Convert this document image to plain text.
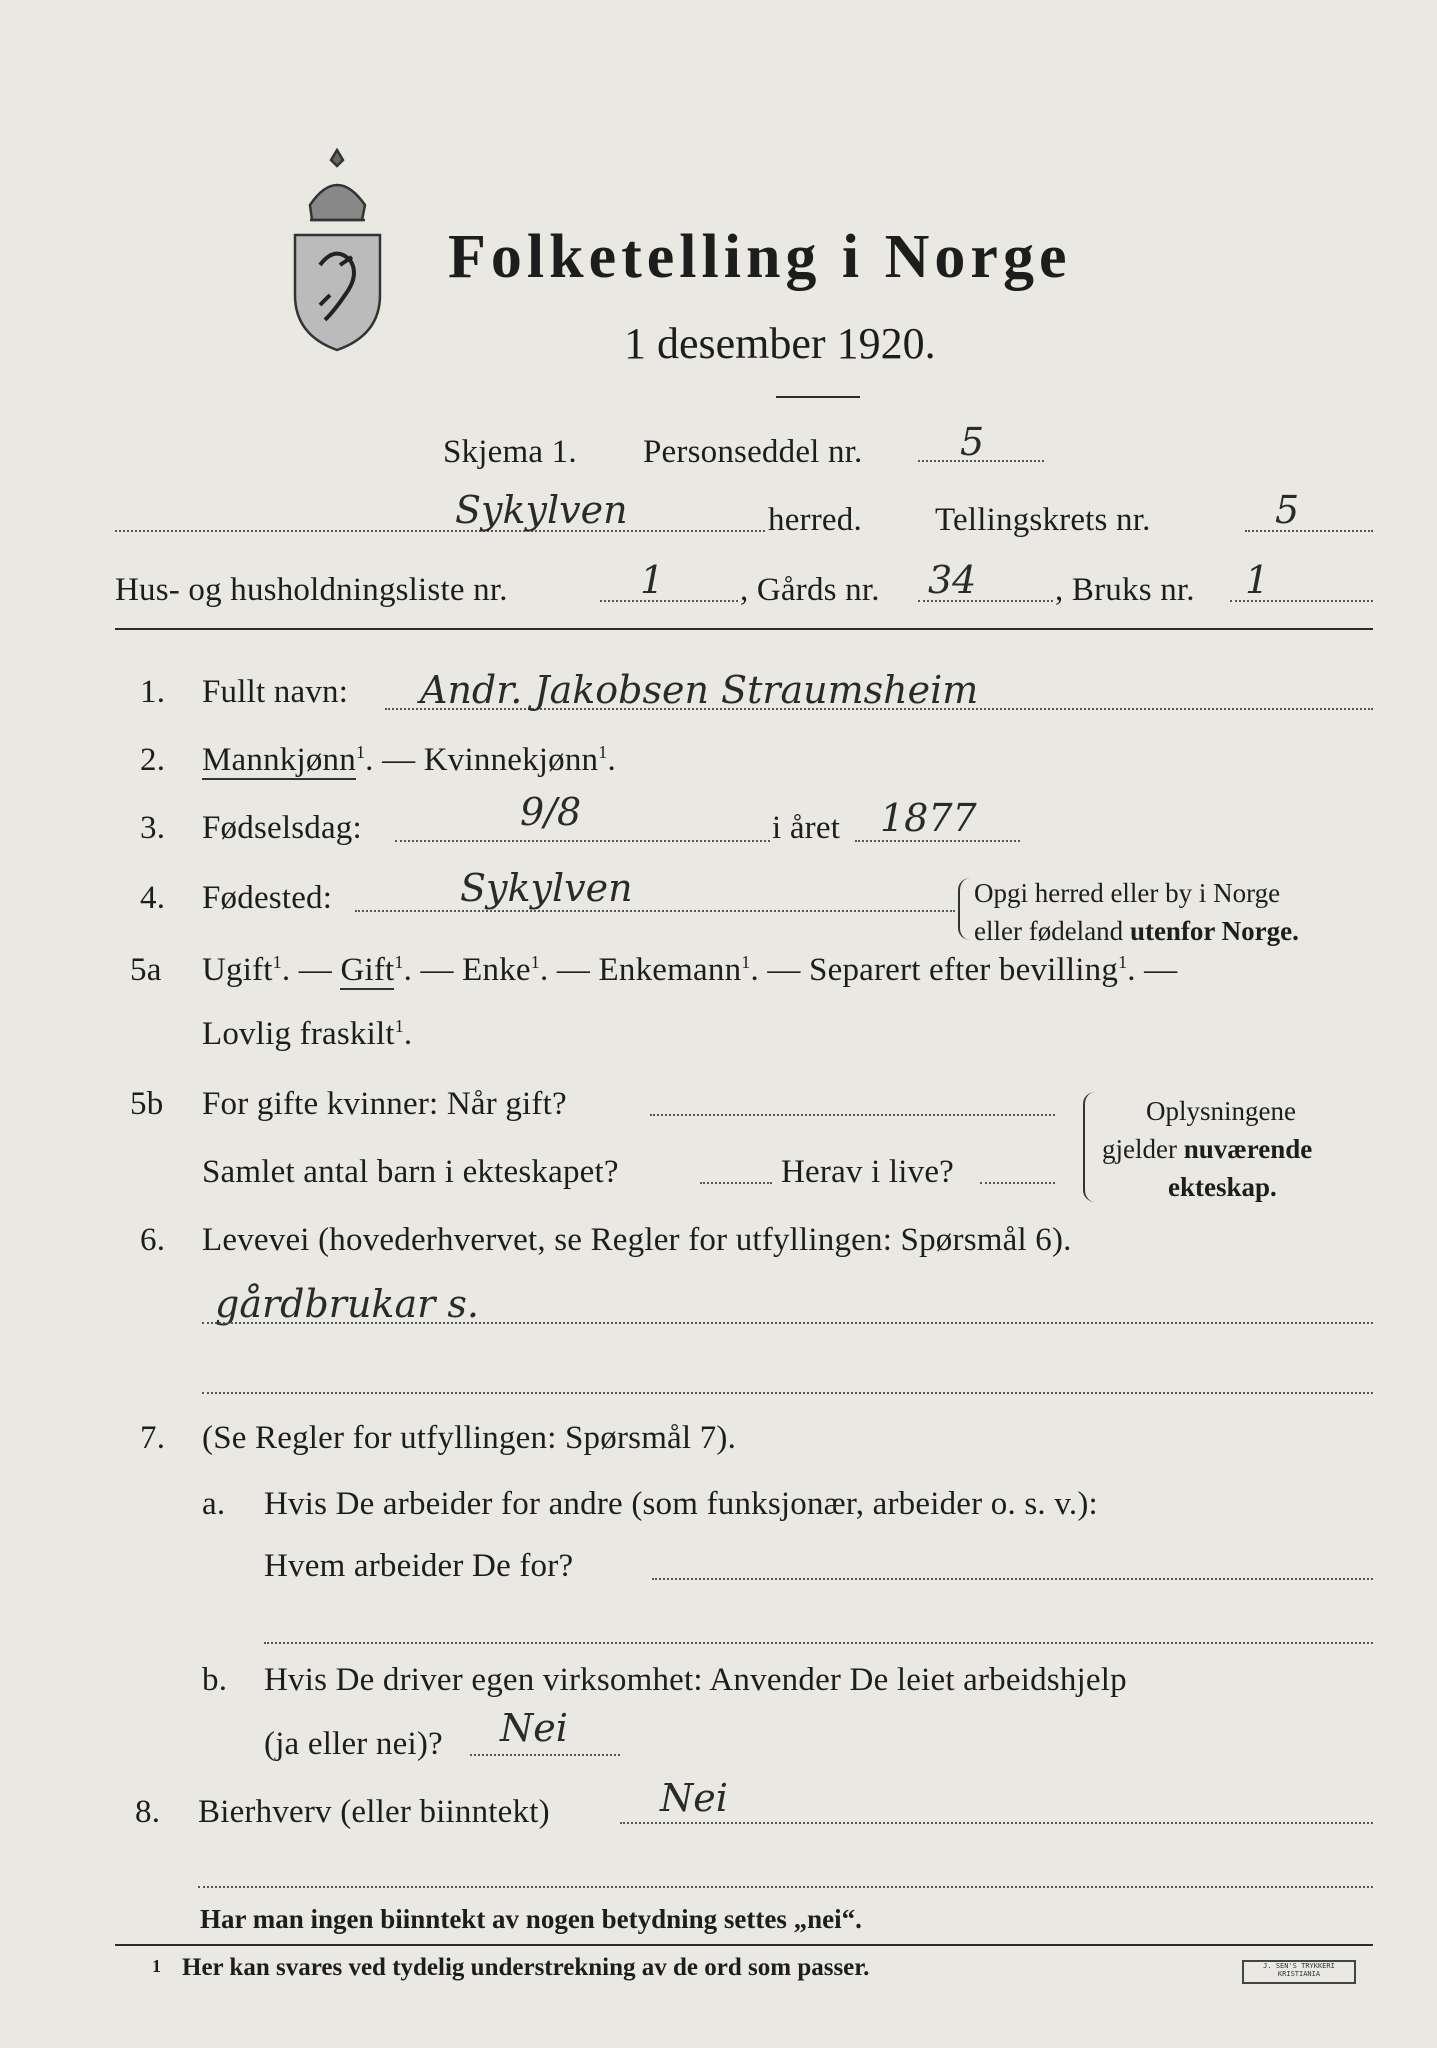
Folketelling i Norge
1 desember 1920.
Skjema 1. Personseddel nr.	5
Sykylven	herred. Tellingskrets nr.	5
Hus- og husholdningsliste nr.	1 , Gårds nr. 34 , Bruks nr. 1
1. Fullt navn: Andr. Jakobsen Straumsheim
2. Mannkjønn$^1$. — Kvinnekjønn$^1$.
3. Fødselsdag:	9/8	i året 1877
4. Fødested:	Sykylven	Opgi herred eller by i Norge
eller fødeland utenfor Norge.
5a Ugift$^1$. — Gift$^1$. — Enke$^1$. — Enkemann$^1$. — Separert efter bevilling$^1$. —
Lovlig fraskilt$^1$.
5b For gifte kvinner: Når gift?
Samlet antal barn i ekteskapet?	Herav i live?
Oplysningene
gjelder nuværende
ekteskap.
6. Levevei (hovederhvervet, se Regler for utfyllingen: Spørsmål 6).
gårdbrukar s.
7. (Se Regler for utfyllingen: Spørsmål 7).
a. Hvis De arbeider for andre (som funksjonær, arbeider o. s. v.):
Hvem arbeider De for?
b. Hvis De driver egen virksomhet: Anvender De leiet arbeidshjelp
(ja eller nei)? Nei
8. Bierhverv (eller biinntekt)	Nei
Har man ingen biinntekt av nogen betydning settes „nei“.
1 Her kan svares ved tydelig understrekning av de ord som passer.	J. SEN'S TRYKKERI KRISTIANIA
